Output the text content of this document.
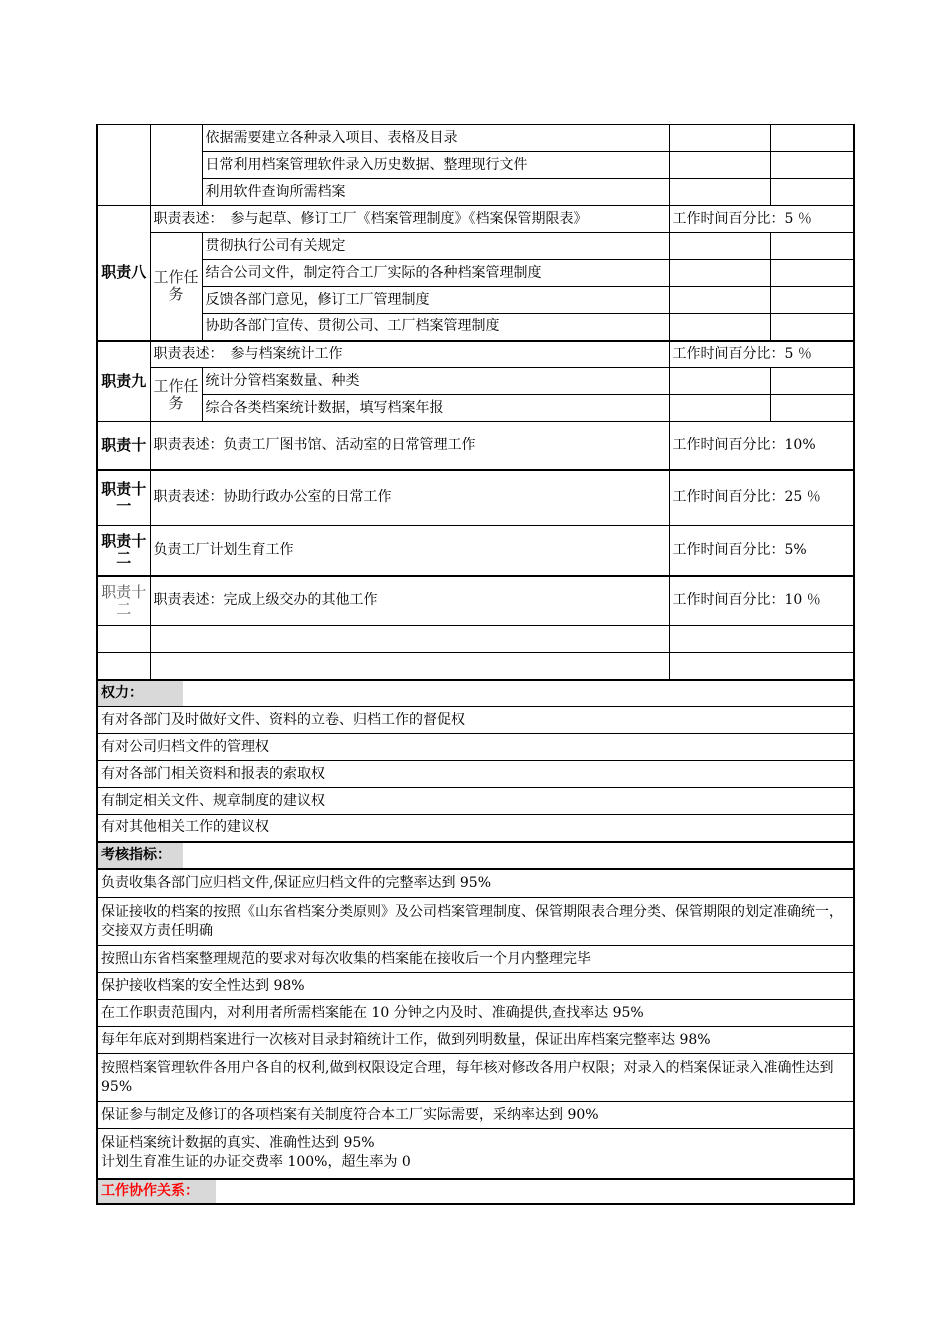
		依据需要建立各种录入项目、表格及目录		
		日常利用档案管理软件录入历史数据、整理现行文件		
		利用软件查询所需档案		
职责八	职责表述：　参与起草、修订工厂《档案管理制度》《档案保管期限表》		工作时间百分比：5 ％	
	工作任务	贯彻执行公司有关规定		
		结合公司文件，制定符合工厂实际的各种档案管理制度		
		反馈各部门意见，修订工厂管理制度		
		协助各部门宣传、贯彻公司、工厂档案管理制度		
职责九	职责表述：　参与档案统计工作		工作时间百分比：5 ％	
	工作任务	统计分管档案数量、种类		
		综合各类档案统计数据，填写档案年报		
职责十	职责表述：负责工厂图书馆、活动室的日常管理工作		工作时间百分比：10%	
职责十一	职责表述：协助行政办公室的日常工作		工作时间百分比：25 ％	
职责十二	负责工厂计划生育工作		工作时间百分比：5%	
职责十二	职责表述：完成上级交办的其他工作		工作时间百分比：10 ％	

权力：				
有对各部门及时做好文件、资料的立卷、归档工作的督促权				
有对公司归档文件的管理权				
有对各部门相关资料和报表的索取权				
有制定相关文件、规章制度的建议权				
有对其他相关工作的建议权				
考核指标：				
负责收集各部门应归档文件,保证应归档文件的完整率达到 95%				
保证接收的档案的按照《山东省档案分类原则》及公司档案管理制度、保管期限表合理分类、保管期限的划定准确统一，交接双方责任明确				
按照山东省档案整理规范的要求对每次收集的档案能在接收后一个月内整理完毕				
保护接收档案的安全性达到 98%				
在工作职责范围内，对利用者所需档案能在 10 分钟之内及时、准确提供,查找率达 95%				
每年年底对到期档案进行一次核对目录封箱统计工作，做到列明数量，保证出库档案完整率达 98%				
按照档案管理软件各用户各自的权利,做到权限设定合理，每年核对修改各用户权限；对录入的档案保证录入准确性达到 95%				
保证参与制定及修订的各项档案有关制度符合本工厂实际需要，采纳率达到 90%				

保证档案统计数据的真实、准确性达到 95%
计划生育准生证的办证交费率 100%，超生率为 0				

工作协作关系：				
